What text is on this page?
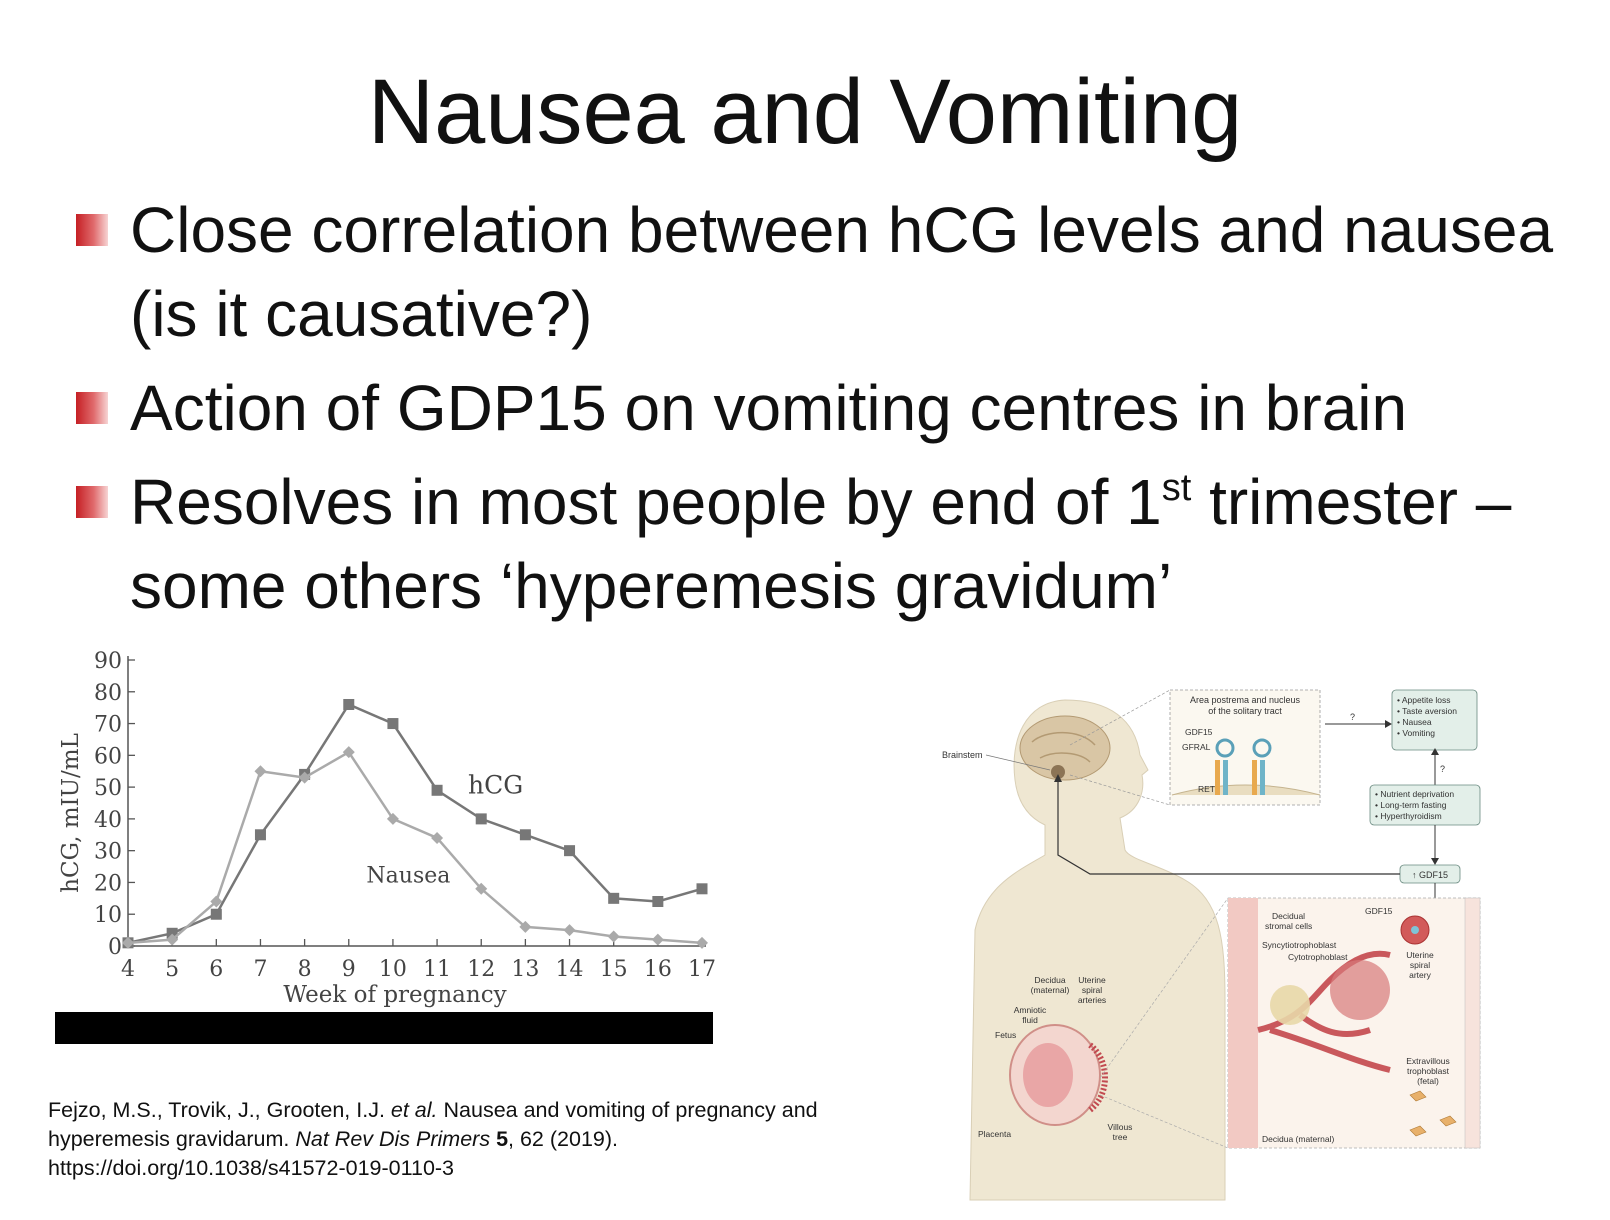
Nausea and Vomiting
Close correlation between hCG levels and nausea (is it causative?)
Action of GDP15 on vomiting centres in brain
Resolves in most people by end of 1st trimester – some others ‘hyperemesis gravidum’
0
10
20
30
40
50
60
70
80
90
4 5 6 7 8 9 10 11 12 13 14 15 16 17
Week of pregnancy
hCG, mIU/mL	hCG
Nausea
Fejzo, M.S., Trovik, J., Grooten, I.J. et al. Nausea and vomiting of pregnancy and
hyperemesis gravidarum. Nat Rev Dis Primers 5, 62 (2019).
https://doi.org/10.1038/s41572-019-0110-3
Brainstem
Area postrema and nucleus
of the solitary tract
GDF15
GFRAL
RET
?
• Appetite loss
• Taste aversion
• Nausea
• Vomiting
?
• Nutrient deprivation
• Long-term fasting
• Hyperthyroidism
↑ GDF15
Decidual
stromal cells
GDF15
Syncytiotrophoblast
Cytotrophoblast	Uterine
spiral
artery
Extravillous
trophoblast
(fetal)
Decidua (maternal)
Decidua
(maternal)
Uterine
spiral
arteries
Amniotic
fluid
Fetus
Placenta
Villous
tree
